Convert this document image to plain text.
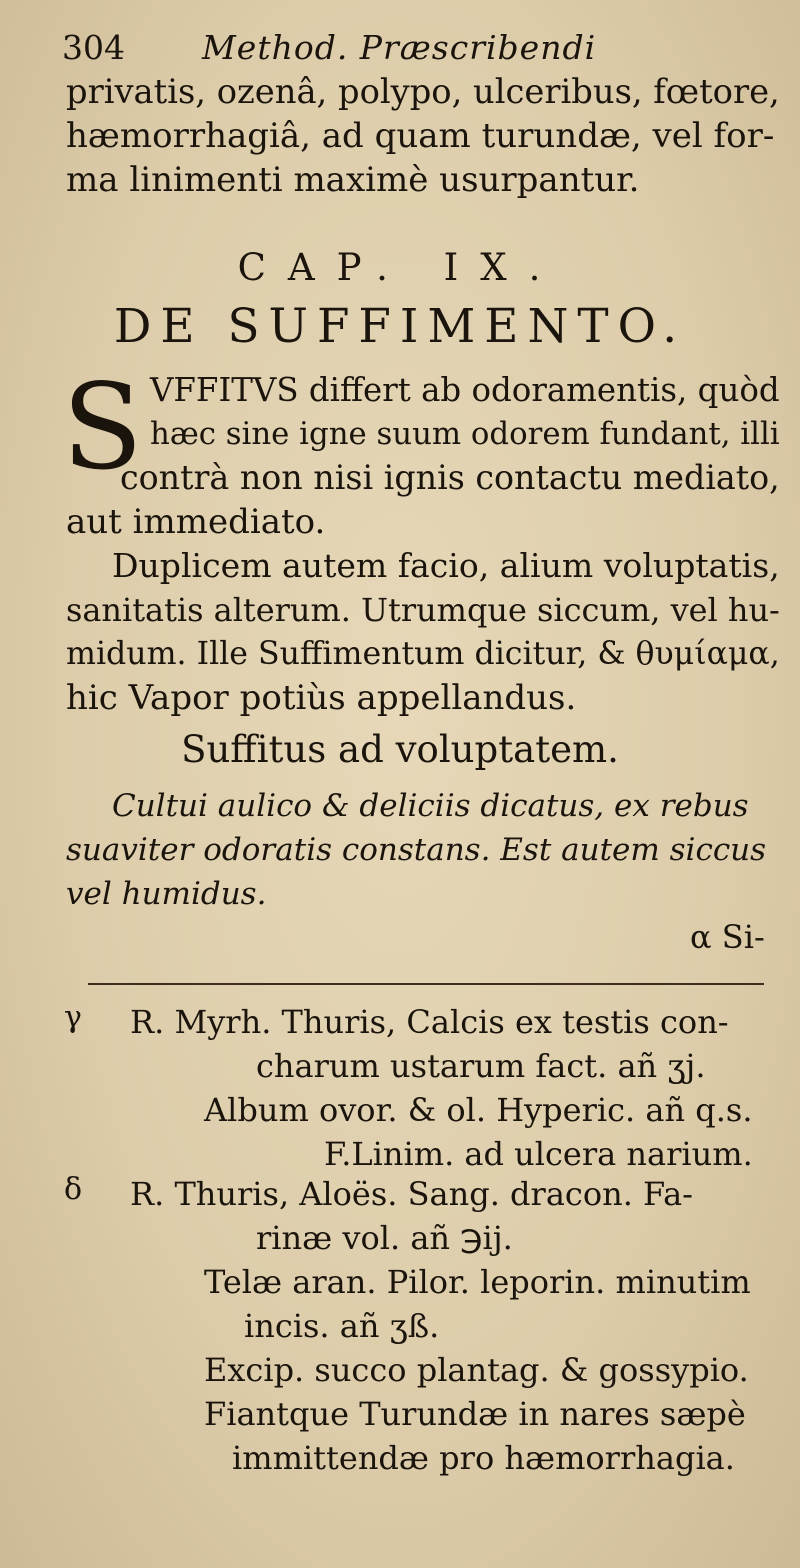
304 Method. Præscribendi
privatis, ozenâ, polypo, ulceribus, fœtore,
hæmorrhagiâ, ad quam turundæ, vel for-
ma linimenti maximè usurpantur.
CAP. IX.
DE SUFFIMENTO.
S VFFITVS differt ab odoramentis, quòd
hæc sine igne suum odorem fundant, illi
contrà non nisi ignis contactu mediato,
aut immediato.
Duplicem autem facio, alium voluptatis,
sanitatis alterum. Utrumque siccum, vel hu-
midum. Ille Suffimentum dicitur, & θυμίαμα,
hic Vapor potiùs appellandus.
Suffitus ad voluptatem.
Cultui aulico & deliciis dicatus, ex rebus
suaviter odoratis constans. Est autem siccus
vel humidus.
α Si-
γ R. Myrh. Thuris, Calcis ex testis con-
charum ustarum fact. añ ʒj.
Album ovor. & ol. Hyperic. añ q.s.
F.Linim. ad ulcera narium.
δ R. Thuris, Aloës. Sang. dracon. Fa-
rinæ vol. añ ℈ij.
Telæ aran. Pilor. leporin. minutim
incis. añ ʒß.
Excip. succo plantag. & gossypio.
Fiantque Turundæ in nares sæpè
immittendæ pro hæmorrhagia.
